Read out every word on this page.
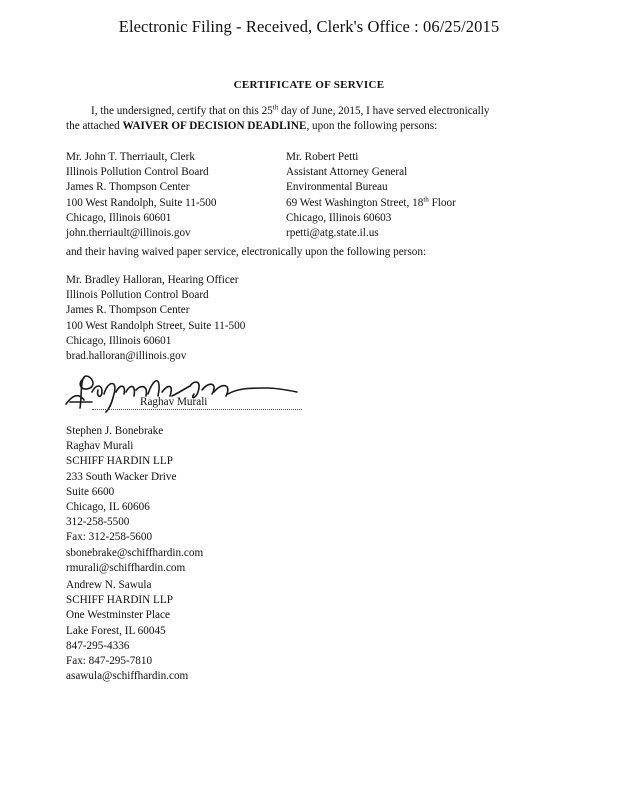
Electronic Filing - Received, Clerk's Office : 06/25/2015
CERTIFICATE OF SERVICE
I, the undersigned, certify that on this 25th day of June, 2015, I have served electronically
the attached WAIVER OF DECISION DEADLINE, upon the following persons:
Mr. John T. Therriault, Clerk
Illinois Pollution Control Board
James R. Thompson Center
100 West Randolph, Suite 11-500
Chicago, Illinois 60601
john.therriault@illinois.gov
Mr. Robert Petti
Assistant Attorney General
Environmental Bureau
69 West Washington Street, 18th Floor
Chicago, Illinois 60603
rpetti@atg.state.il.us
and their having waived paper service, electronically upon the following person:
Mr. Bradley Halloran, Hearing Officer
Illinois Pollution Control Board
James R. Thompson Center
100 West Randolph Street, Suite 11-500
Chicago, Illinois 60601
brad.halloran@illinois.gov
Raghav Murali
Stephen J. Bonebrake
Raghav Murali
SCHIFF HARDIN LLP
233 South Wacker Drive
Suite 6600
Chicago, IL 60606
312-258-5500
Fax: 312-258-5600
sbonebrake@schiffhardin.com
rmurali@schiffhardin.com
Andrew N. Sawula
SCHIFF HARDIN LLP
One Westminster Place
Lake Forest, IL 60045
847-295-4336
Fax: 847-295-7810
asawula@schiffhardin.com
